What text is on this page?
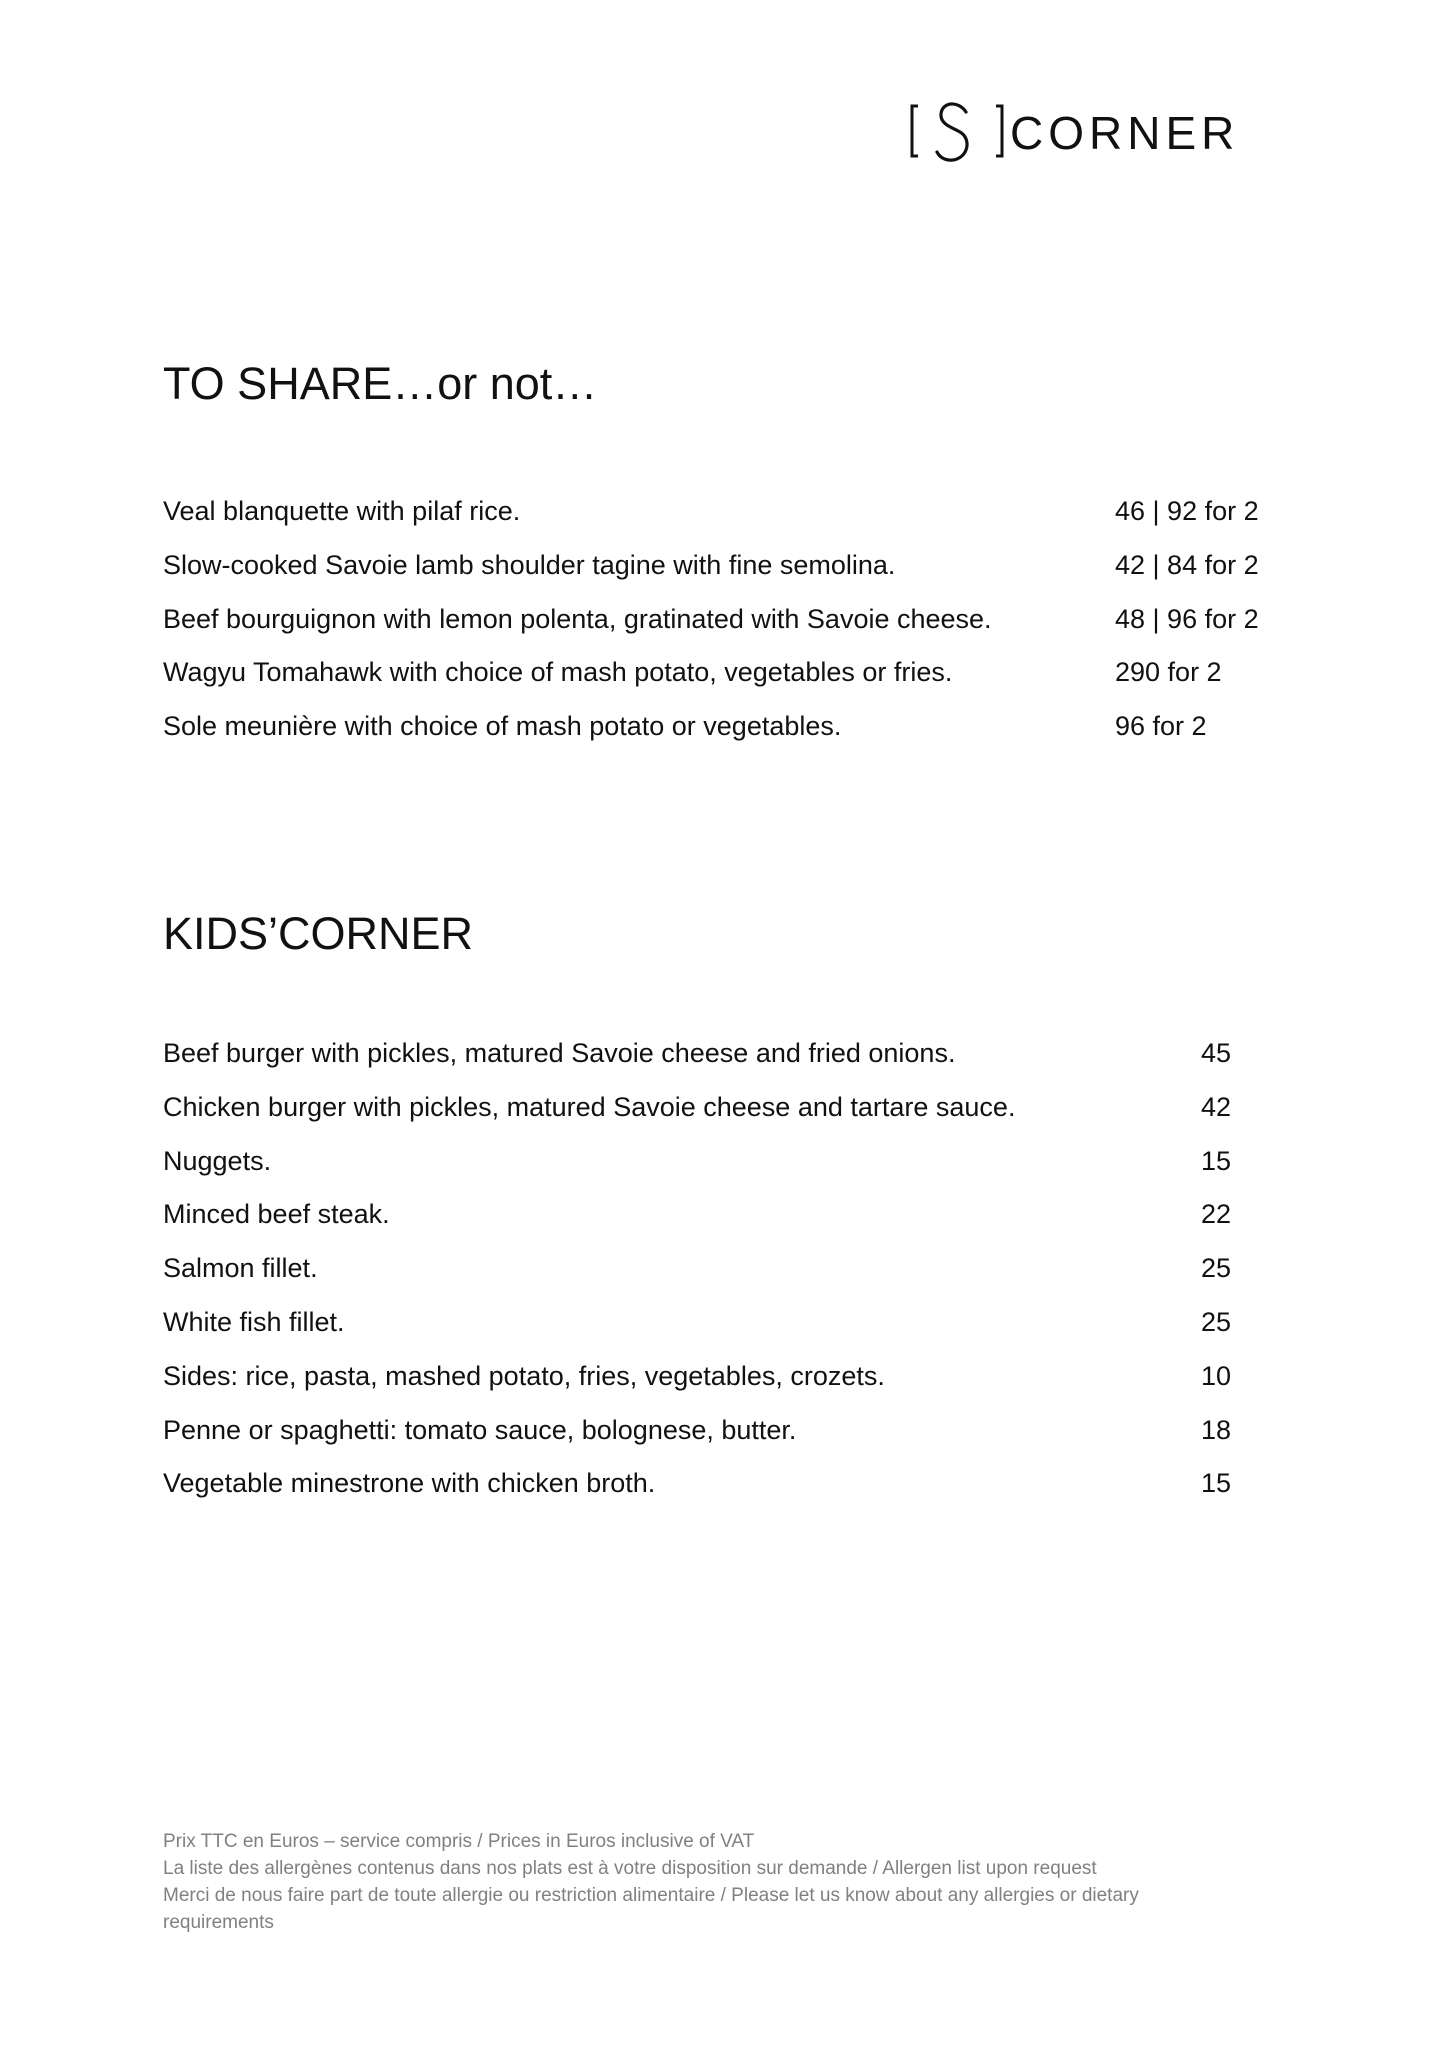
CORNER
TO SHARE…or not…
Veal blanquette with pilaf rice.	46 | 92 for 2
Slow-cooked Savoie lamb shoulder tagine with fine semolina.	42 | 84 for 2
Beef bourguignon with lemon polenta, gratinated with Savoie cheese.	48 | 96 for 2
Wagyu Tomahawk with choice of mash potato, vegetables or fries.	290 for 2
Sole meunière with choice of mash potato or vegetables.	96 for 2
KIDS’CORNER
Beef burger with pickles, matured Savoie cheese and fried onions.	45
Chicken burger with pickles, matured Savoie cheese and tartare sauce.	42
Nuggets.	15
Minced beef steak.	22
Salmon fillet.	25
White fish fillet.	25
Sides: rice, pasta, mashed potato, fries, vegetables, crozets.	10
Penne or spaghetti: tomato sauce, bolognese, butter.	18
Vegetable minestrone with chicken broth.	15

Prix TTC en Euros – service compris / Prices in Euros inclusive of VAT

La liste des allergènes contenus dans nos plats est à votre disposition sur demande / Allergen list upon request

Merci de nous faire part de toute allergie ou restriction alimentaire / Please let us know about any allergies or dietary requirements
